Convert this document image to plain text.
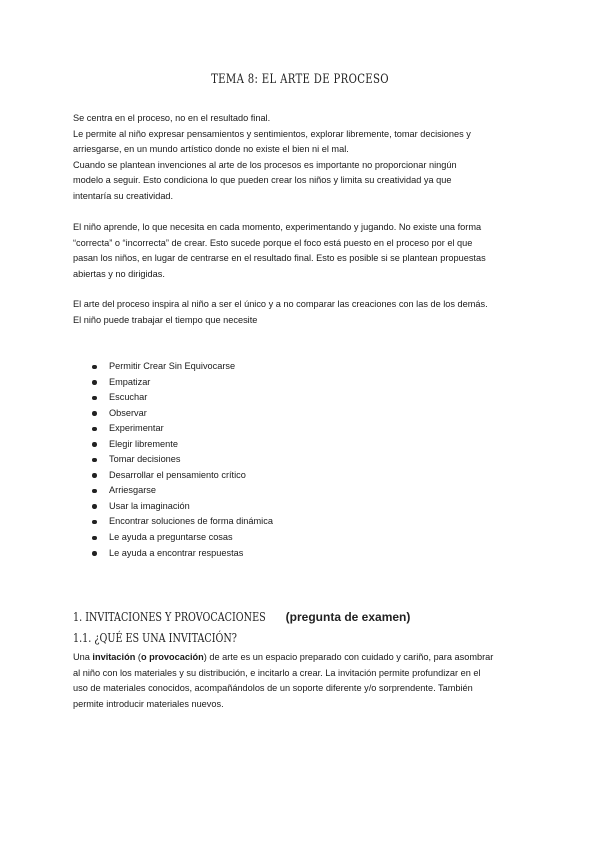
TEMA 8: EL ARTE DE PROCESO

Se centra en el proceso, no en el resultado final.
Le permite al niño expresar pensamientos y sentimientos, explorar libremente, tomar decisiones y
arriesgarse, en un mundo artístico donde no existe el bien ni el mal.
Cuando se plantean invenciones al arte de los procesos es importante no proporcionar ningún
modelo a seguir. Esto condiciona lo que pueden crear los niños y limita su creatividad ya que
intentaría su creatividad.

El niño aprende, lo que necesita en cada momento, experimentando y jugando. No existe una forma
“correcta” o “incorrecta” de crear. Esto sucede porque el foco está puesto en el proceso por el que
pasan los niños, en lugar de centrarse en el resultado final. Esto es posible si se plantean propuestas
abiertas y no dirigidas.

El arte del proceso inspira al niño a ser el único y a no comparar las creaciones con las de los demás.
El niño puede trabajar el tiempo que necesite

Permitir Crear Sin Equivocarse
Empatizar
Escuchar
Observar
Experimentar
Elegir libremente
Tomar decisiones
Desarrollar el pensamiento crítico
Arriesgarse
Usar la imaginación
Encontrar soluciones de forma dinámica
Le ayuda a preguntarse cosas
Le ayuda a encontrar respuestas
1. INVITACIONES Y PROVOCACIONES (pregunta de examen)
1.1. ¿QUÉ ES UNA INVITACIÓN?

Una invitación (o provocación) de arte es un espacio preparado con cuidado y cariño, para asombrar
al niño con los materiales y su distribución, e incitarlo a crear. La invitación permite profundizar en el
uso de materiales conocidos, acompañándolos de un soporte diferente y/o sorprendente. También
permite introducir materiales nuevos.
